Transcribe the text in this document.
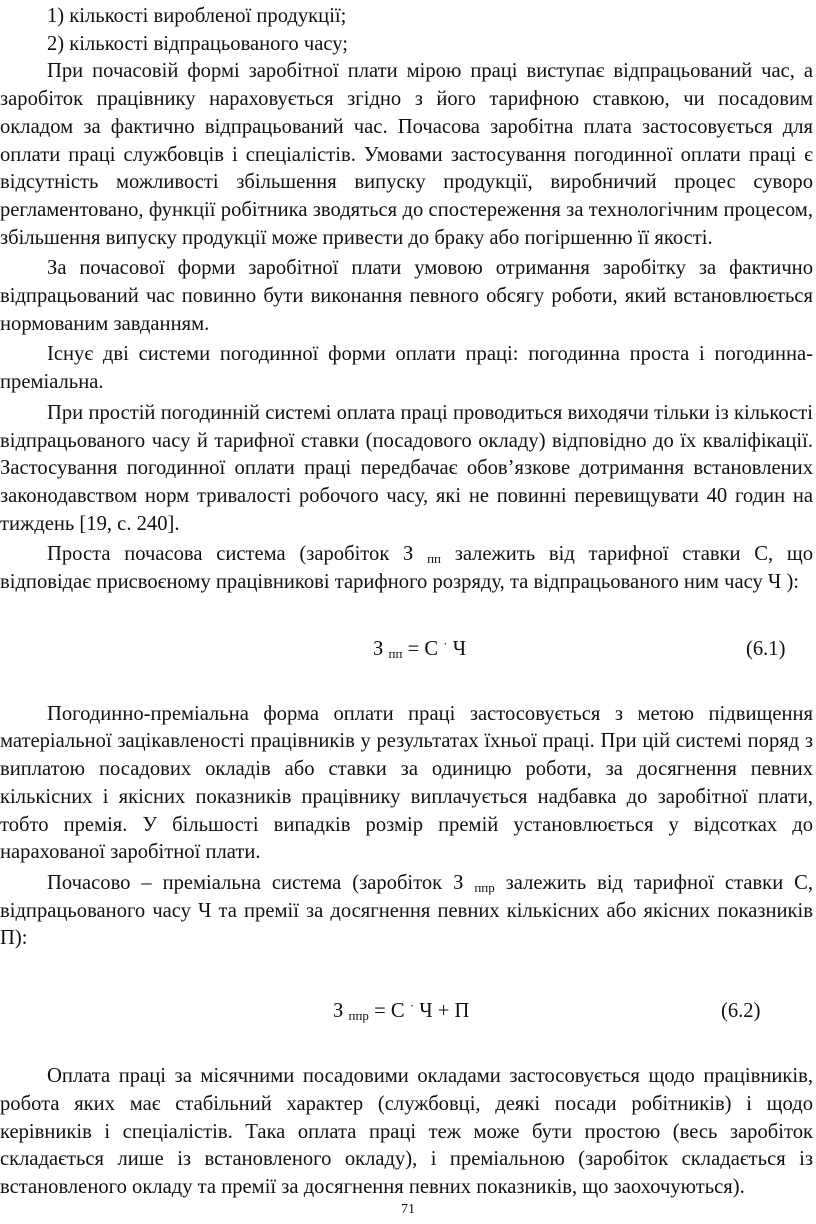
1) кількості виробленої продукції;
2) кількості відпрацьованого часу;

При почасовій формі заробітної плати мірою праці виступає відпрацьований час, а заробіток працівнику нараховується згідно з його тарифною ставкою, чи посадовим окладом за фактично відпрацьований час. Почасова заробітна плата застосовується для оплати праці службовців і спеціалістів. Умовами застосування погодинної оплати праці є відсутність можливості збільшення випуску продукції, виробничий процес суворо регламентовано, функції робітника зводяться до спостереження за технологічним процесом, збільшення випуску продукції може привести до браку або погіршенню її якості.

За почасової форми заробітної плати умовою отримання заробітку за фактично відпрацьований час повинно бути виконання певного обсягу роботи, який встановлюється нормованим завданням.

Існує дві системи погодинної форми оплати праці: погодинна проста і погодинна-преміальна.

При простій погодинній системі оплата праці проводиться виходячи тільки із кількості відпрацьованого часу й тарифної ставки (посадового окладу) відповідно до їх кваліфікації. Застосування погодинної оплати праці передбачає обов’язкове дотримання встановлених законодавством норм тривалості робочого часу, які не повинні перевищувати 40 годин на тиждень [19, с. 240].

Проста почасова система (заробіток З $_{пп}$ залежить від тарифної ставки С, що відповідає присвоєному працівникові тарифного розряду, та відпрацьованого ним часу Ч ):

З $_{пп}$ = С · Ч	(6.1)

Погодинно-преміальна форма оплати праці застосовується з метою підвищення матеріальної зацікавленості працівників у результатах їхньої праці. При цій системі поряд з виплатою посадових окладів або ставки за одиницю роботи, за досягнення певних кількісних і якісних показників працівнику виплачується надбавка до заробітної плати, тобто премія. У більшості випадків розмір премій установлюється у відсотках до нарахованої заробітної плати.

Почасово – преміальна система (заробіток З $_{ппр}$ залежить від тарифної ставки С, відпрацьованого часу Ч та премії за досягнення певних кількісних або якісних показників П):

З $_{ппр}$ = С · Ч + П	(6.2)

Оплата праці за місячними посадовими окладами застосовується щодо працівників, робота яких має стабільний характер (службовці, деякі посади робітників) і щодо керівників і спеціалістів. Така оплата праці теж може бути простою (весь заробіток складається лише із встановленого окладу), і преміальною (заробіток складається із встановленого окладу та премії за досягнення певних показників, що заохочуються).

71
